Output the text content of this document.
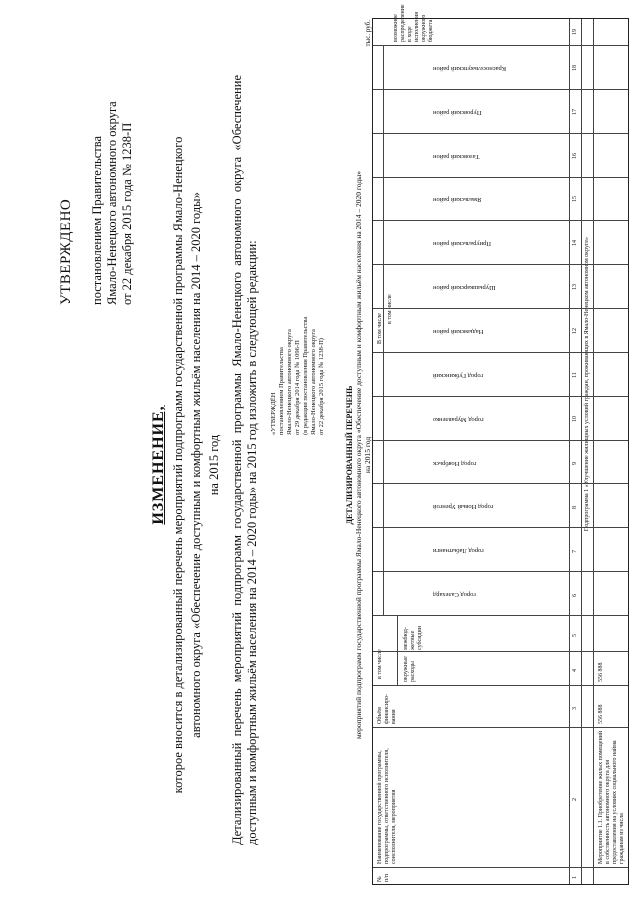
УТВЕРЖДЕНО постановлением Правительства Ямало-Ненецкого автономного округа от 22 декабря 2015 года № 1238-П
ИЗМЕНЕНИЕ, которое вносится в детализированный перечень мероприятий подпрограмм государственной программы Ямало-Ненецкого автономного округа «Обеспечение доступным и комфортным жильём населения на 2014 – 2020 годы» на 2015 год Детализированный перечень мероприятий подпрограмм государственной программы Ямало-Ненецкого автономного округа «Обеспечение доступным и комфортным жильём населения на 2014 – 2020 годы» на 2015 год изложить в следующей редакции: «УТВЕРЖДЁН постановлением Правительства Ямало-Ненецкого автономного округа от 29 декабря 2014 года № 1096-П (в редакции постановления Правительства Ямало-Ненецкого автономного округа от 22 декабря 2015 года № 1238-П)	ДЕТАЛИЗИРОВАННЫЙ ПЕРЕЧЕНЬ мероприятий подпрограмм государственной программы Ямало-Ненецкого автономного округа «Обеспечение доступным и комфортным жильём населения на 2014 – 2020 годы» на 2015 год
тыс. руб.
№ п/п
Наименование государственной программы, подпрограммы, ответственного исполнителя, соисполнителя, мероприятия
Объём финансиро-вания
в том числе	окружные расходы
межбюд-жетные субсидии
В том числе
в том числе
возможное распределение в ходе исполнения окружного бюджета
город Салехард
город Лабытнанги
город Новый Уренгой
город Ноябрьск
город Муравленко
город Губкинский
Надымский район
Шурышкарский район
Приуральский район
Ямальский район
Тазовский район
Пуровский район
Красноселькупский район
1
2
3
4
5
6
7
8
9
10
11
12
13
14
15
16
17
18
19
Подпрограмма 1 «Улучшение жилищных условий граждан, проживающих в Ямало-Ненецком автономном округе»
Мероприятие 1.1. Приобретение жилых помещений в собственность автономного округа для предоставления на условиях социального найма гражданам из числа
556 888
556 888
